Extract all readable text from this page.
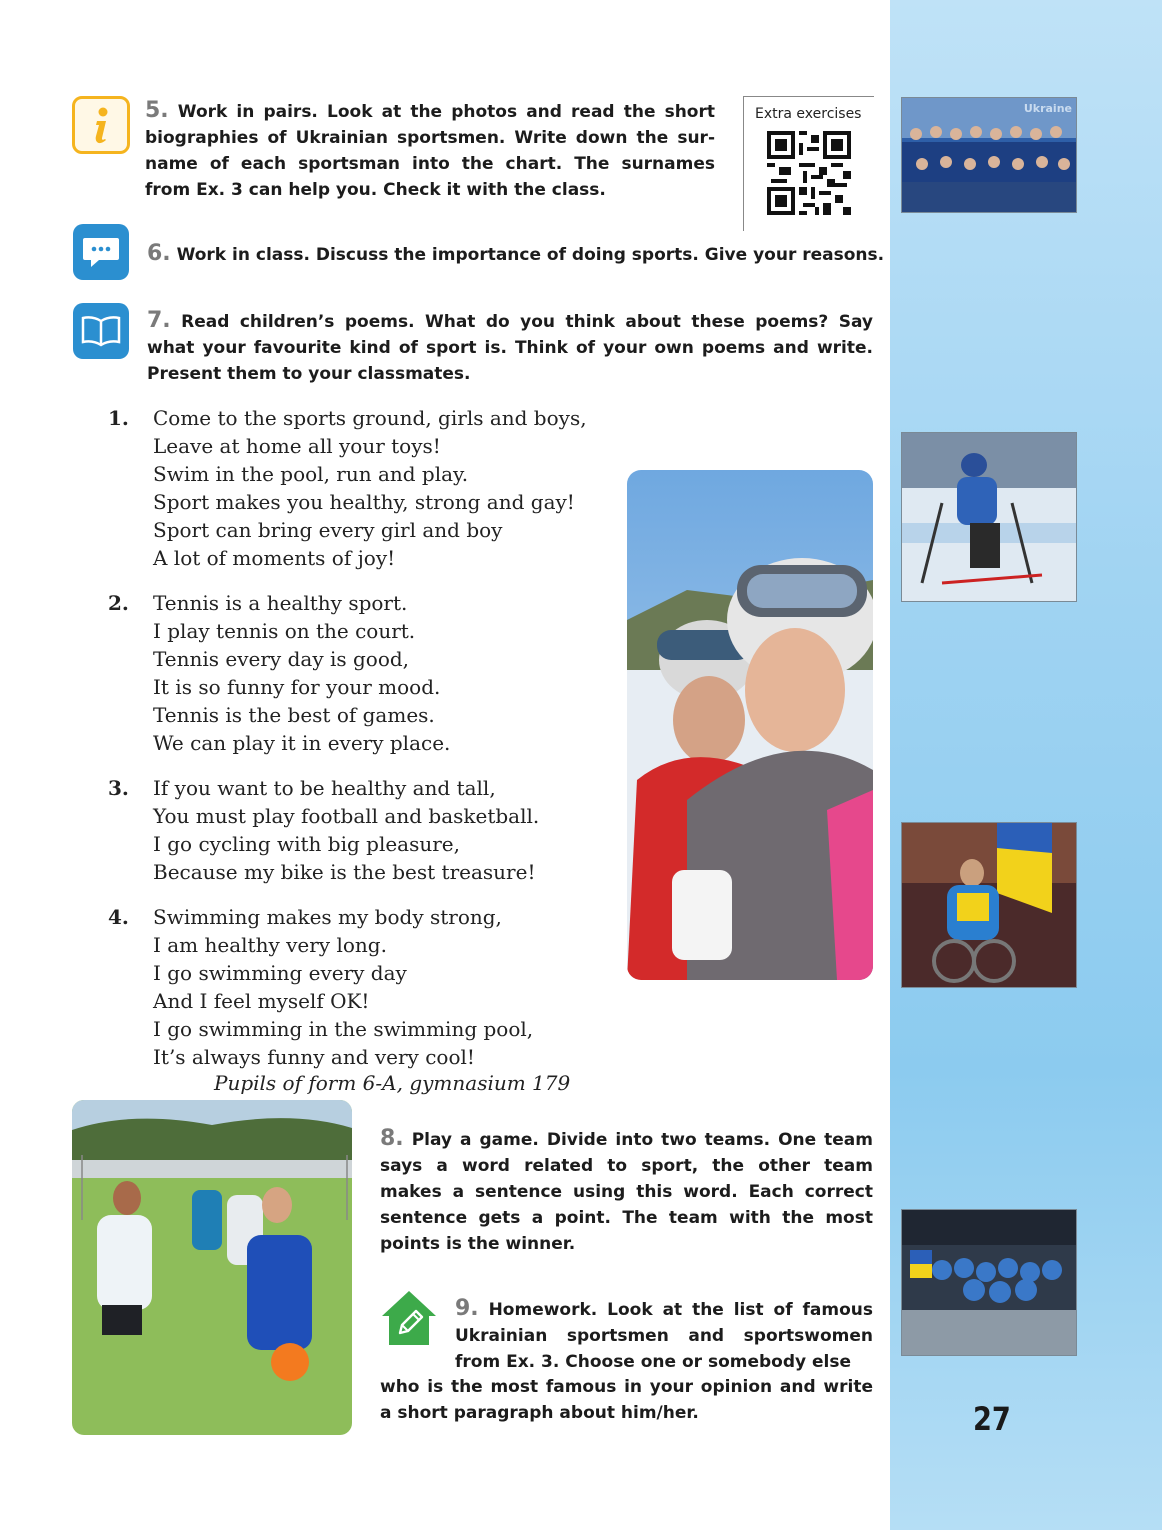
5. Work in pairs. Look at the photos and read the short biographies of Ukrainian sportsmen. Write down the sur-name of each sportsman into the chart. The surnames from Ex. 3 can help you. Check it with the class.
Extra exercises
6. Work in class. Discuss the importance of doing sports. Give your reasons.
7. Read children’s poems. What do you think about these poems? Say what your favourite kind of sport is. Think of your own poems and write. Present them to your classmates.
1. Come to the sports ground, girls and boys,
Leave at home all your toys!
Swim in the pool, run and play.
Sport makes you healthy, strong and gay!
Sport can bring every girl and boy
A lot of moments of joy!
2. Tennis is a healthy sport.
I play tennis on the court.
Tennis every day is good,
It is so funny for your mood.
Tennis is the best of games.
We can play it in every place.
3. If you want to be healthy and tall,
You must play football and basketball.
I go cycling with big pleasure,
Because my bike is the best treasure!
4. Swimming makes my body strong,
I am healthy very long.
I go swimming every day
And I feel myself OK!
I go swimming in the swimming pool,
It’s always funny and very cool!
Pupils of form 6-A, gymnasium 179
8. Play a game. Divide into two teams. One team says a word related to sport, the other team makes a sentence using this word. Each correct sentence gets a point. The team with the most points is the winner.
9. Homework. Look at the list of famous Ukrainian sportsmen and sportswomen from Ex. 3. Choose one or somebody else
who is the most famous in your opinion and write a short paragraph about him/her.
Ukraine
27
